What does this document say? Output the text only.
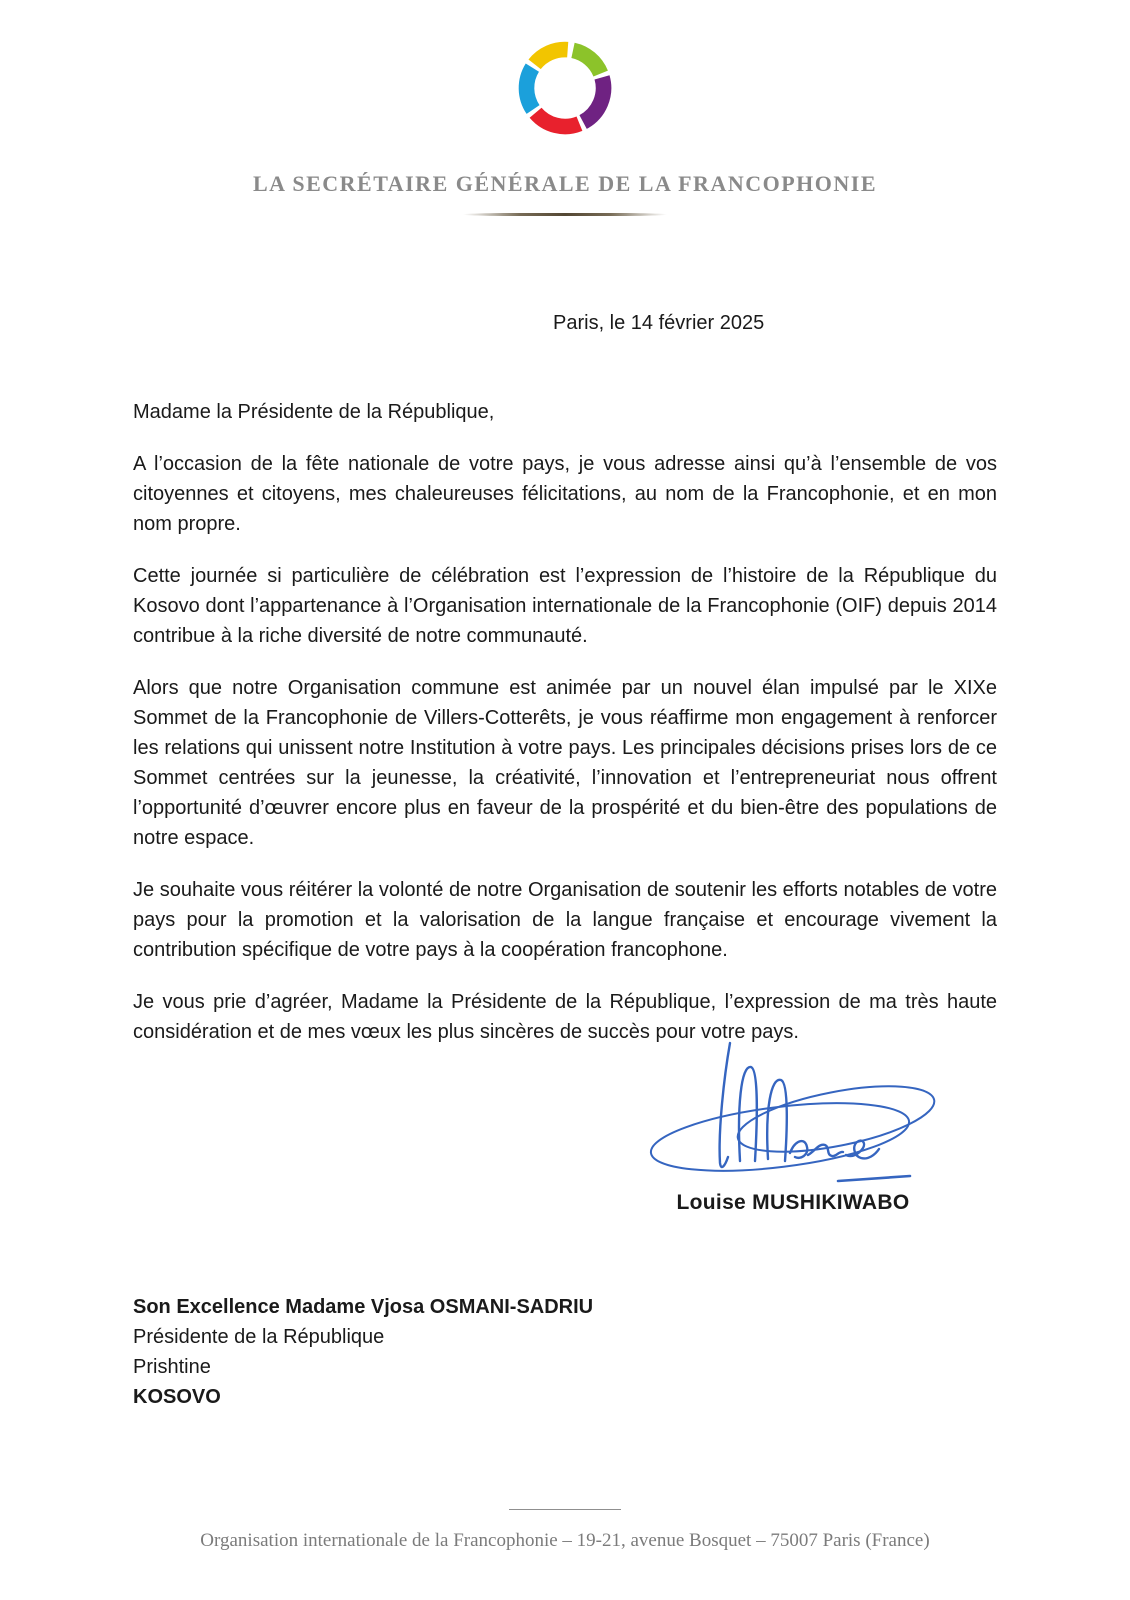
LA SECRÉTAIRE GÉNÉRALE DE LA FRANCOPHONIE
Paris, le 14 février 2025

Madame la Présidente de la République,

A l’occasion de la fête nationale de votre pays, je vous adresse ainsi qu’à l’ensemble de vos citoyennes et citoyens, mes chaleureuses félicitations, au nom de la Francophonie, et en mon nom propre.

Cette journée si particulière de célébration est l’expression de l’histoire de la République du Kosovo dont l’appartenance à l’Organisation internationale de la Francophonie (OIF) depuis 2014 contribue à la riche diversité de notre communauté.

Alors que notre Organisation commune est animée par un nouvel élan impulsé par le XIXe Sommet de la Francophonie de Villers-Cotterêts, je vous réaffirme mon engagement à renforcer les relations qui unissent notre Institution à votre pays. Les principales décisions prises lors de ce Sommet centrées sur la jeunesse, la créativité, l’innovation et l’entrepreneuriat nous offrent l’opportunité d’œuvrer encore plus en faveur de la prospérité et du bien-être des populations de notre espace.

Je souhaite vous réitérer la volonté de notre Organisation de soutenir les efforts notables de votre pays pour la promotion et la valorisation de la langue française et encourage vivement la contribution spécifique de votre pays à la coopération francophone.

Je vous prie d’agréer, Madame la Présidente de la République, l’expression de ma très haute considération et de mes vœux les plus sincères de succès pour votre pays.

Louise MUSHIKIWABO
Son Excellence Madame Vjosa OSMANI-SADRIU
Présidente de la République
Prishtine
KOSOVO
Organisation internationale de la Francophonie – 19-21, avenue Bosquet – 75007 Paris (France)
